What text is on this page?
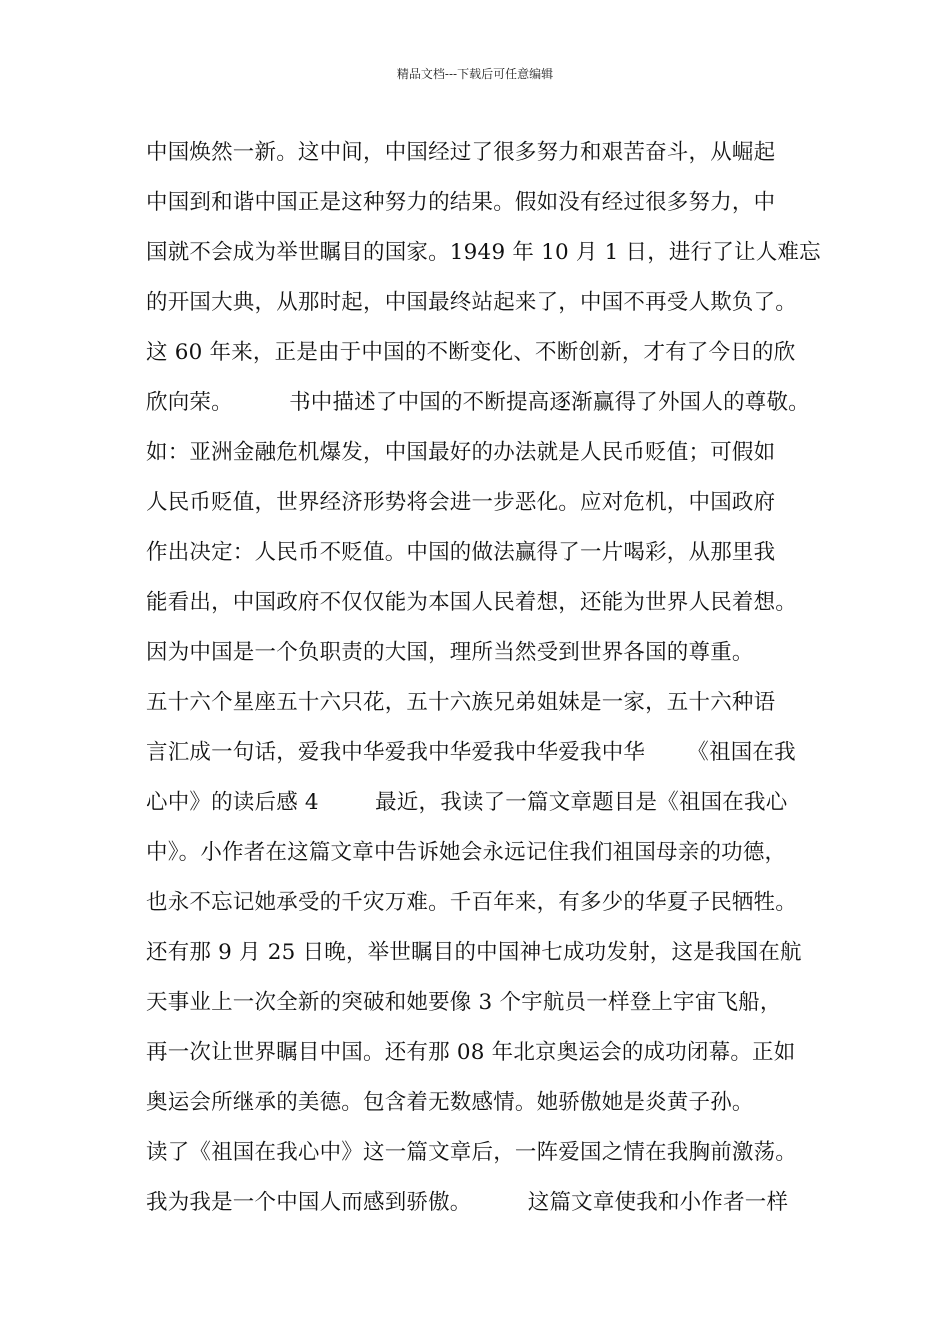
精品文档---下载后可任意编辑
中国焕然一新。这中间，中国经过了很多努力和艰苦奋斗，从崛起
中国到和谐中国正是这种努力的结果。假如没有经过很多努力，中
国就不会成为举世瞩目的国家。1949 年 10 月 1 日，进行了让人难忘
的开国大典，从那时起，中国最终站起来了，中国不再受人欺负了。
这 60 年来，正是由于中国的不断变化、不断创新，才有了今日的欣
欣向荣。        书中描述了中国的不断提高逐渐赢得了外国人的尊敬。
如：亚洲金融危机爆发，中国最好的办法就是人民币贬值；可假如
人民币贬值，世界经济形势将会进一步恶化。应对危机，中国政府
作出决定：人民币不贬值。中国的做法赢得了一片喝彩，从那里我
能看出，中国政府不仅仅能为本国人民着想，还能为世界人民着想。
因为中国是一个负职责的大国，理所当然受到世界各国的尊重。
五十六个星座五十六只花，五十六族兄弟姐妹是一家，五十六种语
言汇成一句话，爱我中华爱我中华爱我中华爱我中华      《祖国在我
心中》的读后感 4        最近，我读了一篇文章题目是《祖国在我心
中》。小作者在这篇文章中告诉她会永远记住我们祖国母亲的功德，
也永不忘记她承受的千灾万难。千百年来，有多少的华夏子民牺牲。
还有那 9 月 25 日晚，举世瞩目的中国神七成功发射，这是我国在航
天事业上一次全新的突破和她要像 3 个宇航员一样登上宇宙飞船，
再一次让世界瞩目中国。还有那 08 年北京奥运会的成功闭幕。正如
奥运会所继承的美德。包含着无数感情。她骄傲她是炎黄子孙。
读了《祖国在我心中》这一篇文章后，一阵爱国之情在我胸前激荡。
我为我是一个中国人而感到骄傲。        这篇文章使我和小作者一样
